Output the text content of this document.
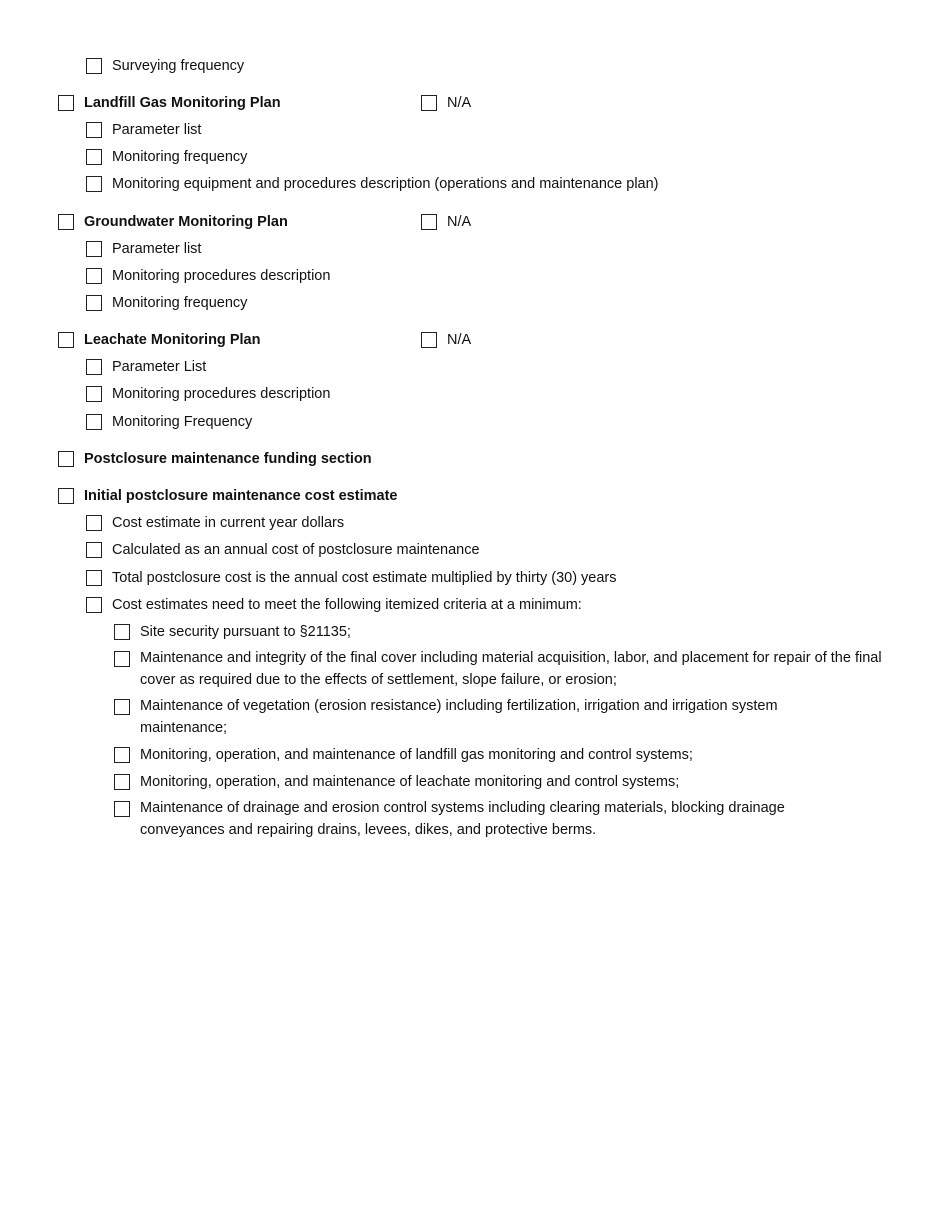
Surveying frequency
Landfill Gas Monitoring Plan	N/A
Parameter list
Monitoring frequency
Monitoring equipment and procedures description (operations and maintenance plan)
Groundwater Monitoring Plan	N/A
Parameter list
Monitoring procedures description
Monitoring frequency
Leachate Monitoring Plan	N/A
Parameter List
Monitoring procedures description
Monitoring Frequency
Postclosure maintenance funding section
Initial postclosure maintenance cost estimate
Cost estimate in current year dollars
Calculated as an annual cost of postclosure maintenance
Total postclosure cost is the annual cost estimate multiplied by thirty (30) years
Cost estimates need to meet the following itemized criteria at a minimum:
Site security pursuant to §21135;
Maintenance and integrity of the final cover including material acquisition, labor, and placement for repair of the final cover as required due to the effects of settlement, slope failure, or erosion;
Maintenance of vegetation (erosion resistance) including fertilization, irrigation and irrigation system maintenance;
Monitoring, operation, and maintenance of landfill gas monitoring and control systems;
Monitoring, operation, and maintenance of leachate monitoring and control systems;
Maintenance of drainage and erosion control systems including clearing materials, blocking drainage conveyances and repairing drains, levees, dikes, and protective berms.
